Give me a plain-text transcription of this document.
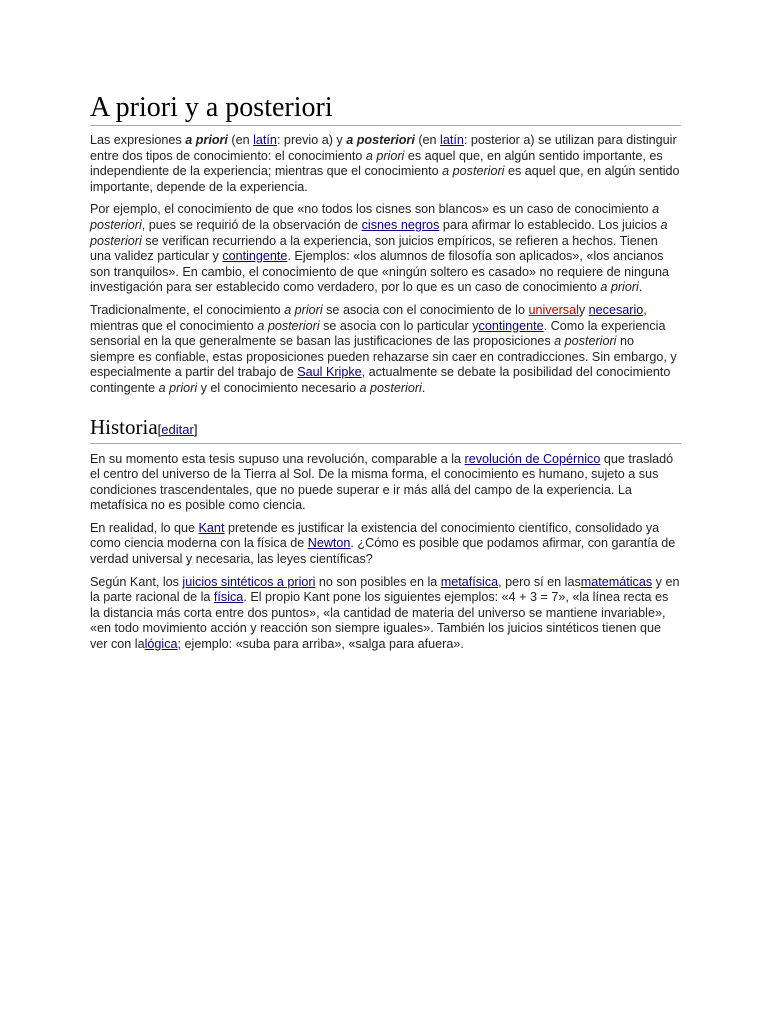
A priori y a posteriori

Las expresiones a priori (en latín: previo a) y a posteriori (en latín: posterior a) se utilizan para distinguir entre dos tipos de conocimiento: el conocimiento a priori es aquel que, en algún sentido importante, es independiente de la experiencia; mientras que el conocimiento a posteriori es aquel que, en algún sentido importante, depende de la experiencia.

Por ejemplo, el conocimiento de que «no todos los cisnes son blancos» es un caso de conocimiento a posteriori, pues se requirió de la observación de cisnes negros para afirmar lo establecido. Los juicios a posteriori se verifican recurriendo a la experiencia, son juicios empíricos, se refieren a hechos. Tienen una validez particular y contingente. Ejemplos: «los alumnos de filosofía son aplicados», «los ancianos son tranquilos». En cambio, el conocimiento de que «ningún soltero es casado» no requiere de ninguna investigación para ser establecido como verdadero, por lo que es un caso de conocimiento a priori.

Tradicionalmente, el conocimiento a priori se asocia con el conocimiento de lo universaly necesario, mientras que el conocimiento a posteriori se asocia con lo particular ycontingente. Como la experiencia sensorial en la que generalmente se basan las justificaciones de las proposiciones a posteriori no siempre es confiable, estas proposiciones pueden rehazarse sin caer en contradicciones. Sin embargo, y especialmente a partir del trabajo de Saul Kripke, actualmente se debate la posibilidad del conocimiento contingente a priori y el conocimiento necesario a posteriori.

Historia[editar]

En su momento esta tesis supuso una revolución, comparable a la revolución de Copérnico que trasladó el centro del universo de la Tierra al Sol. De la misma forma, el conocimiento es humano, sujeto a sus condiciones trascendentales, que no puede superar e ir más allá del campo de la experiencia. La metafísica no es posible como ciencia.

En realidad, lo que Kant pretende es justificar la existencia del conocimiento científico, consolidado ya como ciencia moderna con la física de Newton. ¿Cómo es posible que podamos afirmar, con garantía de verdad universal y necesaria, las leyes científicas?

Según Kant, los juicios sintéticos a priori no son posibles en la metafísica, pero sí en lasmatemáticas y en la parte racional de la física. El propio Kant pone los siguientes ejemplos: «4 + 3 = 7», «la línea recta es la distancia más corta entre dos puntos», «la cantidad de materia del universo se mantiene invariable», «en todo movimiento acción y reacción son siempre iguales». También los juicios sintéticos tienen que ver con lalógica; ejemplo: «suba para arriba», «salga para afuera».
